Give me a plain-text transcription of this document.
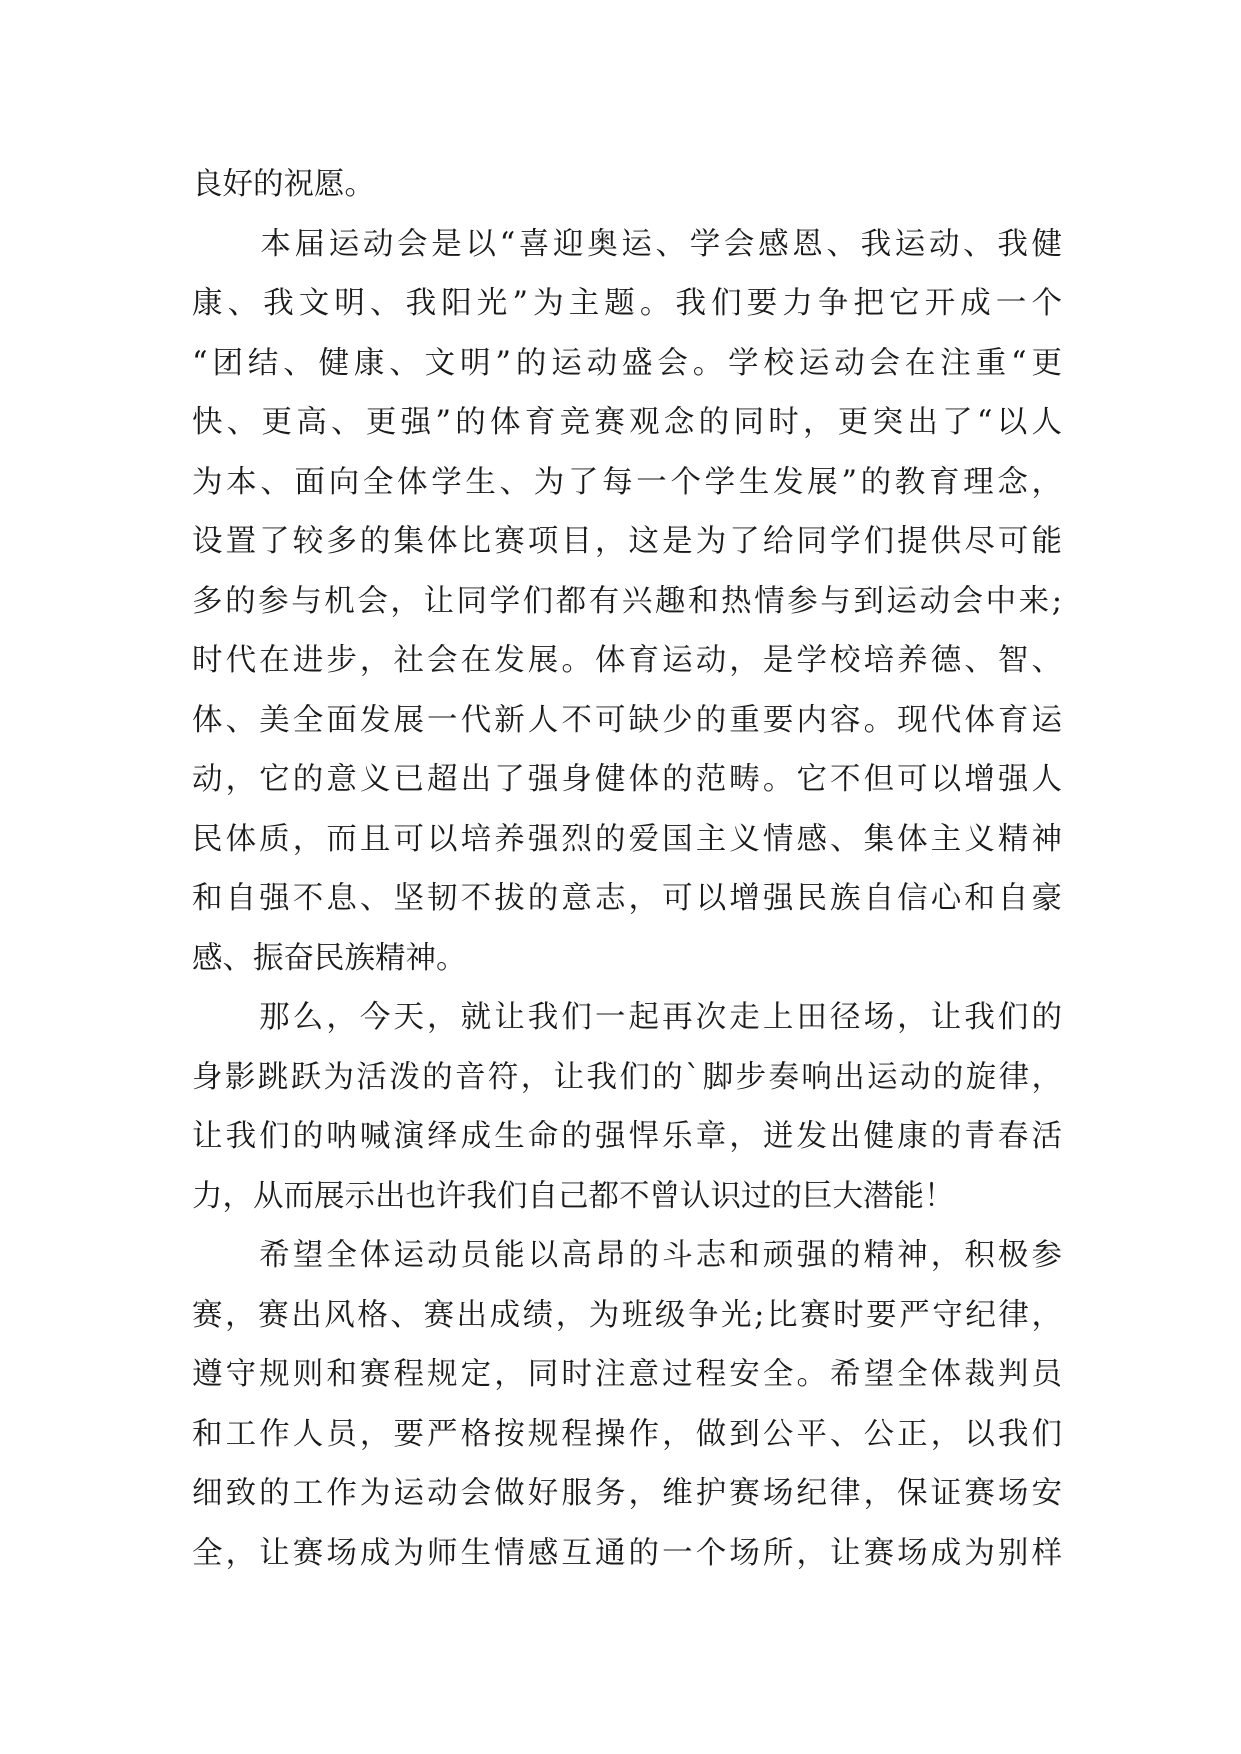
良好的祝愿。
　　本届运动会是以“喜迎奥运、学会感恩、我运动、我健
康、我文明、我阳光”为主题。我们要力争把它开成一个
“团结、健康、文明”的运动盛会。学校运动会在注重“更
快、更高、更强”的体育竞赛观念的同时，更突出了“以人
为本、面向全体学生、为了每一个学生发展”的教育理念，
设置了较多的集体比赛项目，这是为了给同学们提供尽可能
多的参与机会，让同学们都有兴趣和热情参与到运动会中来;
时代在进步，社会在发展。体育运动，是学校培养德、智、
体、美全面发展一代新人不可缺少的重要内容。现代体育运
动，它的意义已超出了强身健体的范畴。它不但可以增强人
民体质，而且可以培养强烈的爱国主义情感、集体主义精神
和自强不息、坚韧不拔的意志，可以增强民族自信心和自豪
感、振奋民族精神。
　　那么，今天，就让我们一起再次走上田径场，让我们的
身影跳跃为活泼的音符，让我们的`脚步奏响出运动的旋律，
让我们的呐喊演绎成生命的强悍乐章，迸发出健康的青春活
力，从而展示出也许我们自己都不曾认识过的巨大潜能！
　　希望全体运动员能以高昂的斗志和顽强的精神，积极参
赛，赛出风格、赛出成绩，为班级争光;比赛时要严守纪律，
遵守规则和赛程规定，同时注意过程安全。希望全体裁判员
和工作人员，要严格按规程操作，做到公平、公正，以我们
细致的工作为运动会做好服务，维护赛场纪律，保证赛场安
全，让赛场成为师生情感互通的一个场所，让赛场成为别样
